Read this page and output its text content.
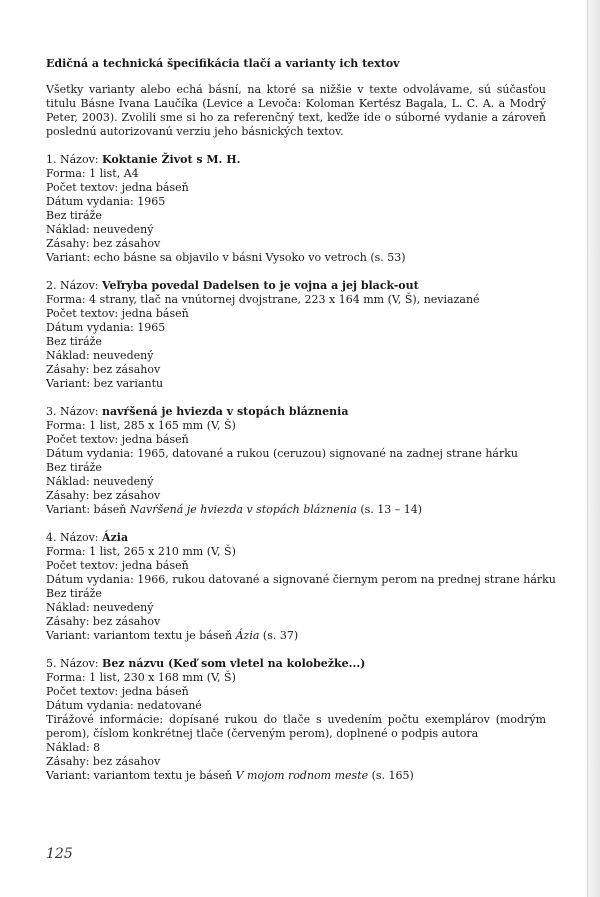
Edičná a technická špecifikácia tlačí a varianty ich textov
Všetky varianty alebo echá básní, na ktoré sa nižšie v texte odvolávame, sú súčasťou titulu Básne Ivana Laučíka (Levice a Levoča: Koloman Kertész Bagala, L. C. A. a Modrý Peter, 2003). Zvolili sme si ho za referenčný text, keďže ide o súborné vydanie a zároveň poslednú autorizovanú verziu jeho básnických textov.
1. Názov: Koktanie Život s M. H.
Forma: 1 list, A4
Počet textov: jedna báseň
Dátum vydania: 1965
Bez tiráže
Náklad: neuvedený
Zásahy: bez zásahov
Variant: echo básne sa objavilo v básni Vysoko vo vetroch (s. 53)
2. Názov: Veľryba povedal Dadelsen to je vojna a jej black-out
Forma: 4 strany, tlač na vnútornej dvojstrane, 223 x 164 mm (V, Š), neviazané
Počet textov: jedna báseň
Dátum vydania: 1965
Bez tiráže
Náklad: neuvedený
Zásahy: bez zásahov
Variant: bez variantu
3. Názov: navŕšená je hviezda v stopách blázneniа
Forma: 1 list, 285 x 165 mm (V, Š)
Počet textov: jedna báseň
Dátum vydania: 1965, datované a rukou (ceruzou) signované na zadnej strane hárku
Bez tiráže
Náklad: neuvedený
Zásahy: bez zásahov
Variant: báseň Navŕšená je hviezda v stopách bláznenia (s. 13 – 14)
4. Názov: Ázia
Forma: 1 list, 265 x 210 mm (V, Š)
Počet textov: jedna báseň
Dátum vydania: 1966, rukou datované a signované čiernym perom na prednej strane hárku
Bez tiráže
Náklad: neuvedený
Zásahy: bez zásahov
Variant: variantom textu je báseň Ázia (s. 37)
5. Názov: Bez názvu (Keď som vletel na kolobežke...)
Forma: 1 list, 230 x 168 mm (V, Š)
Počet textov: jedna báseň
Dátum vydania: nedatované
Tirážové informácie: dopísané rukou do tlače s uvedením počtu exemplárov (modrým perom), číslom konkrétnej tlače (červeným perom), doplnené o podpis autora
Náklad: 8
Zásahy: bez zásahov
Variant: variantom textu je báseň V mojom rodnom meste (s. 165)
125
